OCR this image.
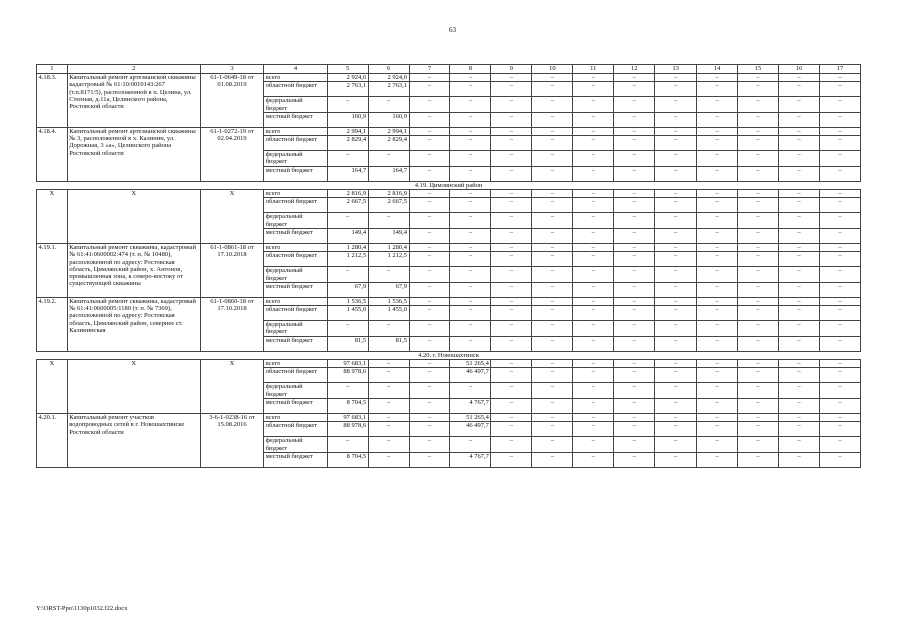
63
1	2	3	4	5	6	7	8	9	10	11	12	13	14	15	16	17
4.18.3.	Капитальный ремонт артезианской скважины кадастровый № 61:10:0010143:267 (т.п.8171/5), расположенной в п. Целина, ул. Степная, д.11а, Целинского района, Ростовской области	61-1-0649-18 от 01.08.2019	всего	2 924,0	2 924,0	–	–	–	–	–	–	–	–	–	–	–
			областной бюджет	2 763,1	2 763,1	–	–	–	–	–	–	–	–	–	–	–
			федеральный бюджет	–	–	–	–	–	–	–	–	–	–	–	–	–
			местный бюджет	160,9	160,9	–	–	–	–	–	–	–	–	–	–	–
4.18.4.	Капитальный ремонт артезианской скважины № 3, расположенной в х. Калинин, ул. Дорожная, 3 «а», Целинского района Ростовской области	61-1-0272-19 от 02.04.2019	всего	2 994,1	2 994,1	–	–	–	–	–	–	–	–	–	–	–
			областной бюджет	2 829,4	2 829,4	–	–	–	–	–	–	–	–	–	–	–
			федеральный бюджет	–	–	–	–	–	–	–	–	–	–	–	–	–
			местный бюджет	164,7	164,7	–	–	–	–	–	–	–	–	–	–	–
4.19. Цимлянский район																
Х	Х	Х	всего	2 816,9	2 816,9	–	–	–	–	–	–	–	–	–	–	–
			областной бюджет	2 667,5	2 667,5	–	–	–	–	–	–	–	–	–	–	–
			федеральный бюджет	–	–	–	–	–	–	–	–	–	–	–	–	–
			местный бюджет	149,4	149,4	–	–	–	–	–	–	–	–	–	–	–
4.19.1.	Капитальный ремонт скважины, кадастровый № 61:41:0600002:474 (т. п. № 10480), расположенной по адресу: Ростовская область, Цимлянский район, х. Антонов, промышленная зона, к северо-востоку от существующей скважины	61-1-0861-18 от 17.10.2018	всего	1 280,4	1 280,4	–	–	–	–	–	–	–	–	–	–	–
			областной бюджет	1 212,5	1 212,5	–	–	–	–	–	–	–	–	–	–	–
			федеральный бюджет	–	–	–	–	–	–	–	–	–	–	–	–	–
			местный бюджет	67,9	67,9	–	–	–	–	–	–	–	–	–	–	–
4.19.2.	Капитальный ремонт скважины, кадастровый № 61:41:0600005:1180 (т. п. № 7369), расположенной по адресу: Ростовская область, Цимлянский район, севернее ст. Калининская	61-1-0860-18 от 17.10.2018	всего	1 536,5	1 536,5	–	–	–	–	–	–	–	–	–	–	–
			областной бюджет	1 455,0	1 455,0	–	–	–	–	–	–	–	–	–	–	–
			федеральный бюджет	–	–	–	–	–	–	–	–	–	–	–	–	–
			местный бюджет	81,5	81,5	–	–	–	–	–	–	–	–	–	–	–
4.20. г. Новошахтинск																
Х	Х	Х	всего	97 683,1	–	–	51 265,4	–	–	–	–	–	–	–	–	–
			областной бюджет	88 978,6	–	–	46 497,7	–	–	–	–	–	–	–	–	–
			федеральный бюджет	–	–	–	–	–	–	–	–	–	–	–	–	–
			местный бюджет	8 704,5	–	–	4 767,7	–	–	–	–	–	–	–	–	–
4.20.1.	Капитальный ремонт участков водопроводных сетей в г. Новошахтинске Ростовской области	3-6-1-0238-16 от 15.08.2016	всего	97 683,1	–	–	51 265,4	–	–	–	–	–	–	–	–	–
			областной бюджет	88 978,6	–	–	46 497,7	–	–	–	–	–	–	–	–	–
			федеральный бюджет	–	–	–	–	–	–	–	–	–	–	–	–	–
			местный бюджет	8 704,5	–	–	4 767,7	–	–	–	–	–	–	–	–	–
Y:\ORST-Ppo\1130p1032.f22.docx
